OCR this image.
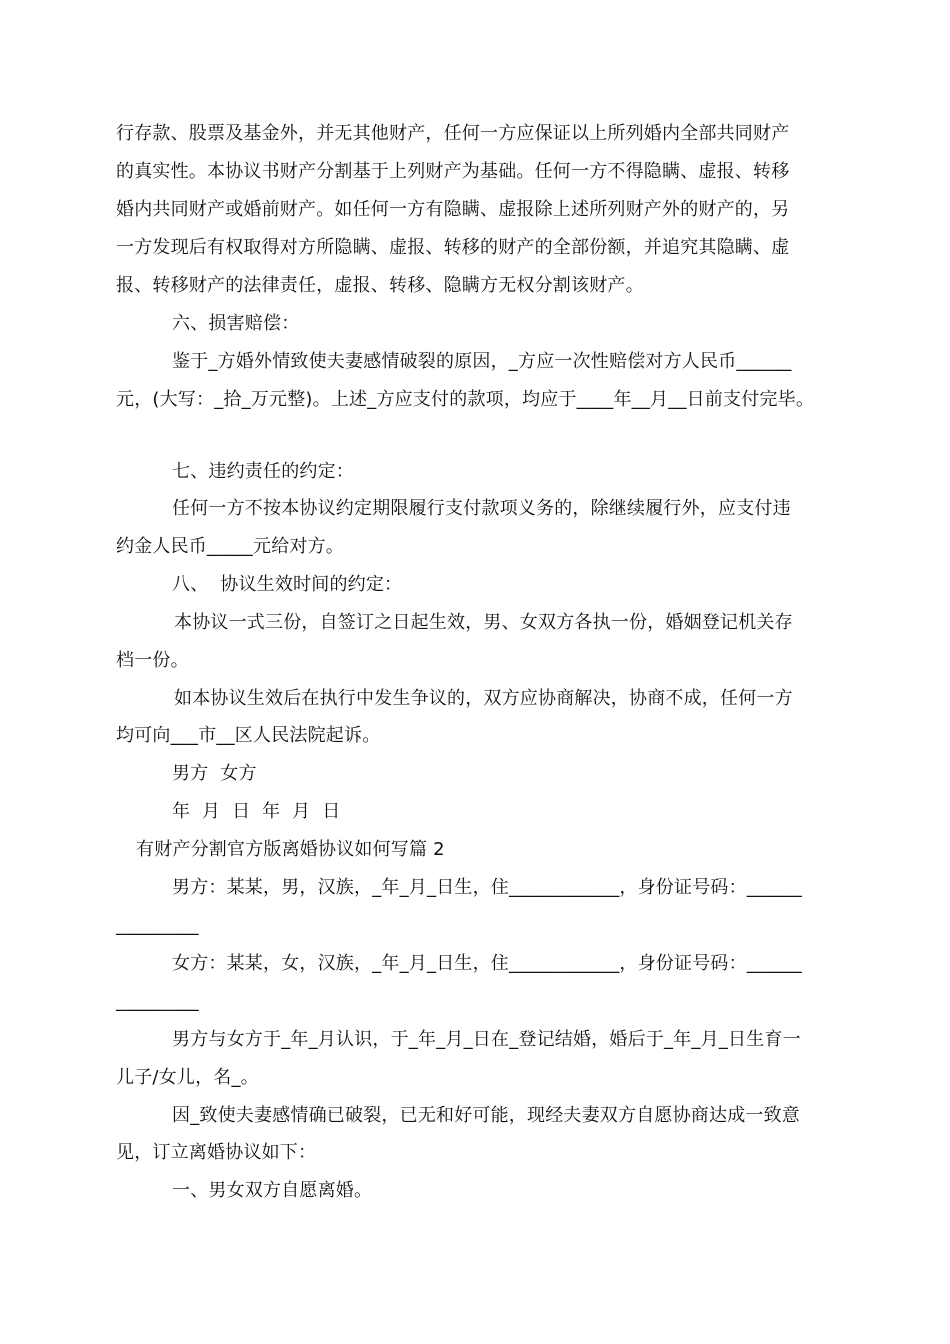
行存款、股票及基金外，并无其他财产，任何一方应保证以上所列婚内全部共同财产
的真实性。本协议书财产分割基于上列财产为基础。任何一方不得隐瞒、虚报、转移
婚内共同财产或婚前财产。如任何一方有隐瞒、虚报除上述所列财产外的财产的，另
一方发现后有权取得对方所隐瞒、虚报、转移的财产的全部份额，并追究其隐瞒、虚
报、转移财产的法律责任，虚报、转移、隐瞒方无权分割该财产。
六、损害赔偿：
鉴于_方婚外情致使夫妻感情破裂的原因，_方应一次性赔偿对方人民币______
元，(大写：_拾_万元整)。上述_方应支付的款项，均应于____年__月__日前支付完毕。
七、违约责任的约定：
任何一方不按本协议约定期限履行支付款项义务的，除继续履行外，应支付违
约金人民币_____元给对方。
八、  协议生效时间的约定：
本协议一式三份，自签订之日起生效，男、女双方各执一份，婚姻登记机关存
档一份。
如本协议生效后在执行中发生争议的，双方应协商解决，协商不成，任何一方
均可向___市__区人民法院起诉。
男方  女方
年  月  日  年  月  日
有财产分割官方版离婚协议如何写篇 2
男方：某某，男，汉族，_年_月_日生，住____________，身份证号码：______
_________
女方：某某，女，汉族，_年_月_日生，住____________，身份证号码：______
_________
男方与女方于_年_月认识，于_年_月_日在_登记结婚，婚后于_年_月_日生育一
儿子/女儿，名_。
因_致使夫妻感情确已破裂，已无和好可能，现经夫妻双方自愿协商达成一致意
见，订立离婚协议如下：
一、男女双方自愿离婚。
